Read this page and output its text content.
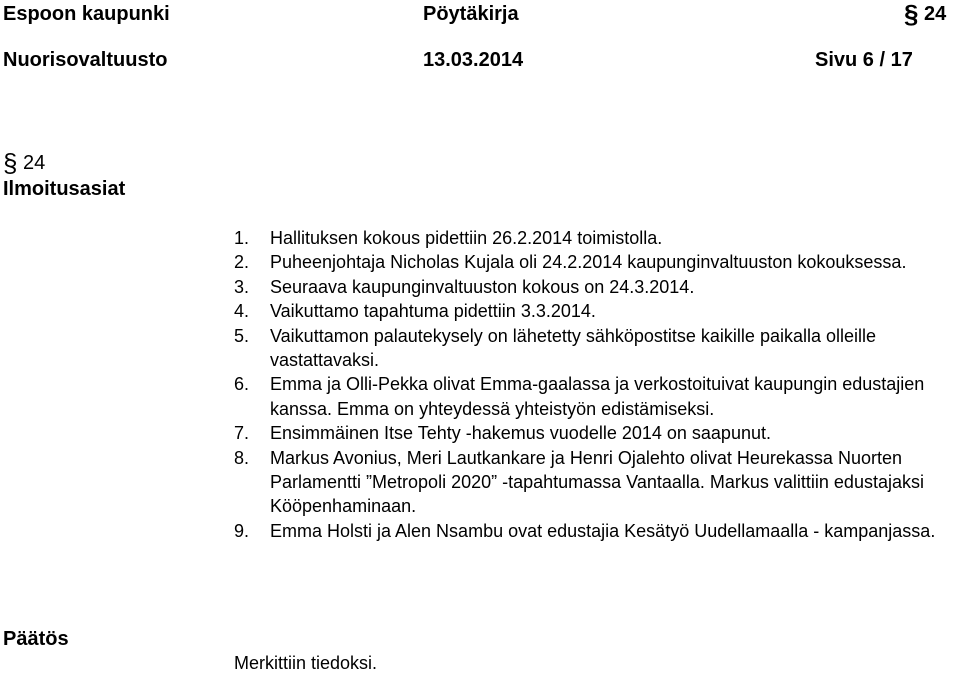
Espoon kaupunki	Pöytäkirja	§ 24
Nuorisovaltuusto	13.03.2014	Sivu 6 / 17
§ 24
Ilmoitusasiat
1. Hallituksen kokous pidettiin 26.2.2014 toimistolla.
2. Puheenjohtaja Nicholas Kujala oli 24.2.2014 kaupunginvaltuuston kokouksessa.
3. Seuraava kaupunginvaltuuston kokous on 24.3.2014.
4. Vaikuttamo tapahtuma pidettiin 3.3.2014.
5. Vaikuttamon palautekysely on lähetetty sähköpostitse kaikille paikalla olleille vastattavaksi.
6. Emma ja Olli-Pekka olivat Emma-gaalassa ja verkostoituivat kaupungin edustajien kanssa. Emma on yhteydessä yhteistyön edistämiseksi.
7. Ensimmäinen Itse Tehty -hakemus vuodelle 2014 on saapunut.
8. Markus Avonius, Meri Lautkankare ja Henri Ojalehto olivat Heurekassa Nuorten Parlamentti ”Metropoli 2020” -tapahtumassa Vantaalla. Markus valittiin edustajaksi Kööpenhaminaan.
9. Emma Holsti ja Alen Nsambu ovat edustajia Kesätyö Uudellamaalla - kampanjassa.
Päätös
Merkittiin tiedoksi.
